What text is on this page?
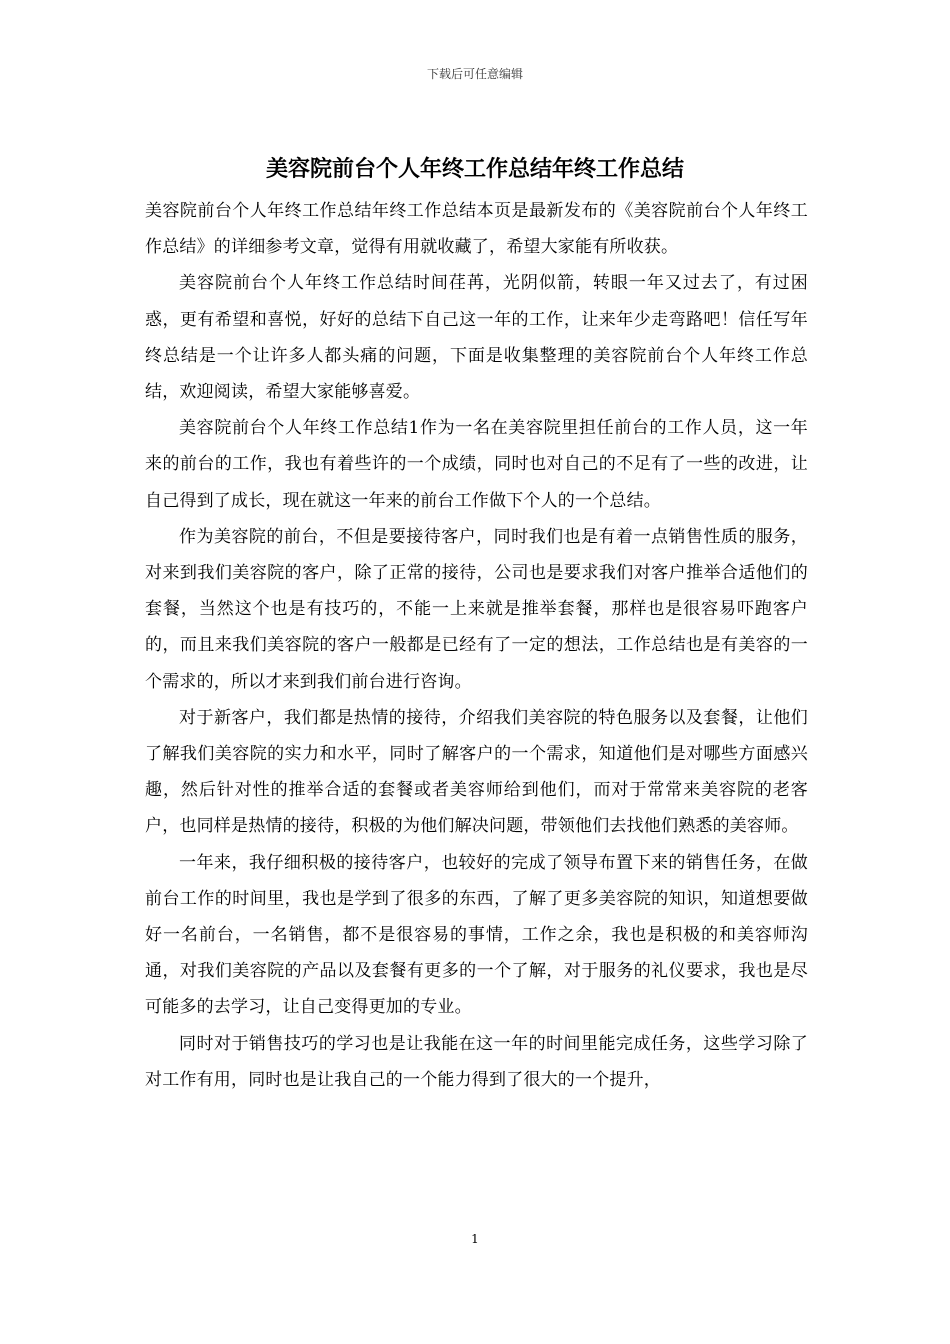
下载后可任意编辑
美容院前台个人年终工作总结年终工作总结

美容院前台个人年终工作总结年终工作总结本页是最新发布的《美容院前台个人年终工作总结》的详细参考文章，觉得有用就收藏了，希望大家能有所收获。

美容院前台个人年终工作总结时间荏苒，光阴似箭，转眼一年又过去了，有过困惑，更有希望和喜悦，好好的总结下自己这一年的工作，让来年少走弯路吧！信任写年终总结是一个让许多人都头痛的问题，下面是收集整理的美容院前台个人年终工作总结，欢迎阅读，希望大家能够喜爱。

美容院前台个人年终工作总结1作为一名在美容院里担任前台的工作人员，这一年来的前台的工作，我也有着些许的一个成绩，同时也对自己的不足有了一些的改进，让自己得到了成长，现在就这一年来的前台工作做下个人的一个总结。

作为美容院的前台，不但是要接待客户，同时我们也是有着一点销售性质的服务，对来到我们美容院的客户，除了正常的接待，公司也是要求我们对客户推举合适他们的套餐，当然这个也是有技巧的，不能一上来就是推举套餐，那样也是很容易吓跑客户的，而且来我们美容院的客户一般都是已经有了一定的想法，工作总结也是有美容的一个需求的，所以才来到我们前台进行咨询。

对于新客户，我们都是热情的接待，介绍我们美容院的特色服务以及套餐，让他们了解我们美容院的实力和水平，同时了解客户的一个需求，知道他们是对哪些方面感兴趣，然后针对性的推举合适的套餐或者美容师给到他们，而对于常常来美容院的老客户，也同样是热情的接待，积极的为他们解决问题，带领他们去找他们熟悉的美容师。

一年来，我仔细积极的接待客户，也较好的完成了领导布置下来的销售任务，在做前台工作的时间里，我也是学到了很多的东西，了解了更多美容院的知识，知道想要做好一名前台，一名销售，都不是很容易的事情，工作之余，我也是积极的和美容师沟通，对我们美容院的产品以及套餐有更多的一个了解，对于服务的礼仪要求，我也是尽可能多的去学习，让自己变得更加的专业。

同时对于销售技巧的学习也是让我能在这一年的时间里能完成任务，这些学习除了对工作有用，同时也是让我自己的一个能力得到了很大的一个提升，

1
